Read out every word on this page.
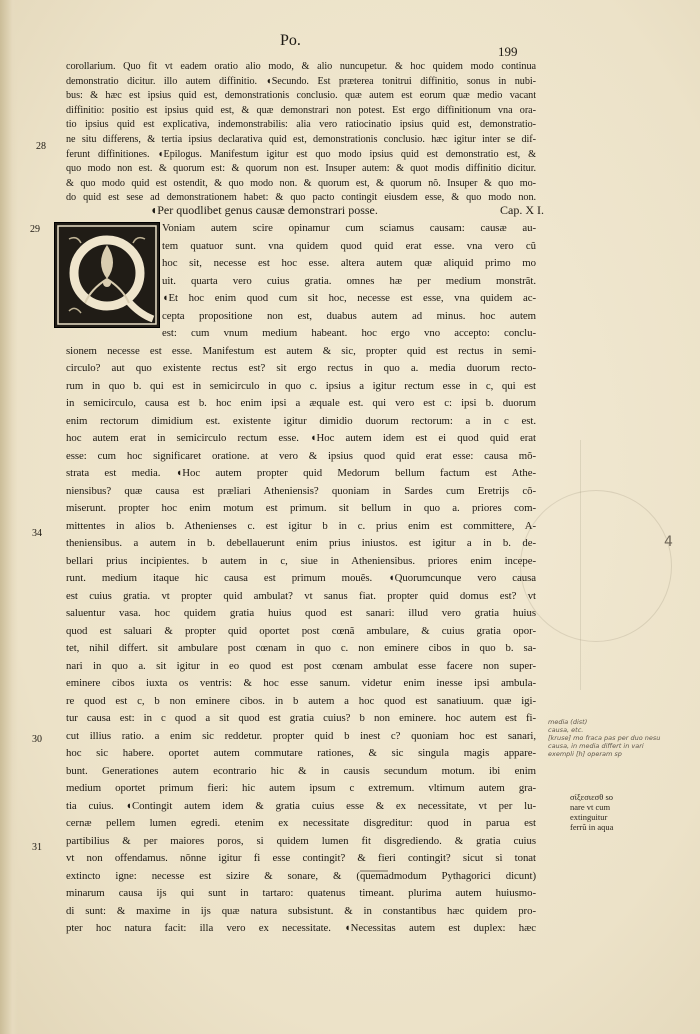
Po.
199
corollarium. Quo fit vt eadem oratio alio modo, & alio nuncupetur. & hoc quidem modo continua
demonstratio dicitur. illo autem diffinitio. ◖Secundo. Est præterea tonitrui diffinitio, sonus in nubi-
bus: & hæc est ipsius quid est, demonstrationis conclusio. quæ autem est eorum quæ medio vacant
diffinitio: positio est ipsius quid est, & quæ demonstrari non potest. Est ergo diffinitionum vna ora-
tio ipsius quid est explicativa, indemonstrabilis: alia vero ratiocinatio ipsius quid est, demonstratio-
ne situ differens, & tertia ipsius declarativa quid est, demonstrationis conclusio. hæc igitur inter se dif-
ferunt diffinitiones. ◖Epilogus. Manifestum igitur est quo modo ipsius quid est demonstratio est, &
quo modo non est. & quorum est: & quorum non est. Insuper autem: & quot modis diffinitio dicitur.
& quo modo quid est ostendit, & quo modo non. & quorum est, & quorum nõ. Insuper & quo mo-
do quid est sese ad demonstrationem habet: & quo pacto contingit eiusdem esse, & quo modo non.
28
◖Per quodlibet genus causæ demonstrari posse.	Cap. X I.
29	Voniam autem scire opinamur cum sciamus causam: causæ au-
tem quatuor sunt. vna quidem quod quid erat esse. vna vero cũ
hoc sit, necesse est hoc esse. altera autem quæ aliquid primo mo
uit. quarta vero cuius gratia. omnes hæ per medium monstrãt.
◖Et hoc enim quod cum sit hoc, necesse est esse, vna quidem ac-
cepta propositione non est, duabus autem ad minus. hoc autem
est: cum vnum medium habeant. hoc ergo vno accepto: conclu-
sionem necesse est esse. Manifestum est autem & sic, propter quid est rectus in semi-
circulo? aut quo existente rectus est? sit ergo rectus in quo a. media duorum recto-
rum in quo b. qui est in semicirculo in quo c. ipsius a igitur rectum esse in c, qui est
in semicirculo, causa est b. hoc enim ipsi a æquale est. qui vero est c: ipsi b. duorum
enim rectorum dimidium est. existente igitur dimidio duorum rectorum: a in c est.
hoc autem erat in semicirculo rectum esse. ◖Hoc autem idem est ei quod quid erat
esse: cum hoc significaret oratione. at vero & ipsius quod quid erat esse: causa mõ-
strata est media. ◖Hoc autem propter quid Medorum bellum factum est Athe-
niensibus? quæ causa est præliari Atheniensis? quoniam in Sardes cum Eretrijs cõ-
miserunt. propter hoc enim motum est primum. sit bellum in quo a. priores com-
mittentes in alios b. Athenienses c. est igitur b in c. prius enim est committere, A-
theniensibus. a autem in b. debellauerunt enim prius iniustos. est igitur a in b. de-
bellari prius incipientes. b autem in c, siue in Atheniensibus. priores enim incepe-
runt. medium itaque hic causa est primum mouẽs. ◖Quorumcunque vero causa
est cuius gratia. vt propter quid ambulat? vt sanus fiat. propter quid domus est? vt
saluentur vasa. hoc quidem gratia huius quod est sanari: illud vero gratia huius
quod est saluari & propter quid oportet post cœnã ambulare, & cuius gratia opor-
tet, nihil differt. sit ambulare post cœnam in quo c. non eminere cibos in quo b. sa-
nari in quo a. sit igitur in eo quod est post cœnam ambulat esse facere non super-
eminere cibos iuxta os ventris: & hoc esse sanum. videtur enim inesse ipsi ambula-
re quod est c, b non eminere cibos. in b autem a hoc quod est sanatiuum. quæ igi-
tur causa est: in c quod a sit quod est gratia cuius? b non eminere. hoc autem est fi-
cut illius ratio. a enim sic reddetur. propter quid b inest c? quoniam hoc est sanari,
hoc sic habere. oportet autem commutare rationes, & sic singula magis appare-
bunt. Generationes autem econtrario hic & in causis secundum motum. ibi enim
medium oportet primum fieri: hic autem ipsum c extremum. vltimum autem gra-
tia cuius. ◖Contingit autem idem & gratia cuius esse & ex necessitate, vt per lu-
cernæ pellem lumen egredi. etenim ex necessitate disgreditur: quod in parua est
partibilius & per maiores poros, si quidem lumen fit disgrediendo. & gratia cuius
vt non offendamus. nõnne igitur fi esse contingit? & fieri contingit? sicut si tonat
extincto igne: necesse est sizire & sonare, & (quemadmodum Pythagorici dicunt)
minarum causa ijs qui sunt in tartaro: quatenus timeant. plurima autem huiusmo-
di sunt: & maxime in ijs quæ natura subsistunt. & in constantibus hæc quidem pro-
pter hoc natura facit: illa vero ex necessitate. ◖Necessitas autem est duplex: hæc
34
30
31
media (dist)
causa, etc.
[kruse] mo fraca pas per duo nesu
causa, in media differt in vari
exempli [h] operam sp
σίξεσιεσθ so
nare vt cum
extinguitur
ferrũ in aqua
4
